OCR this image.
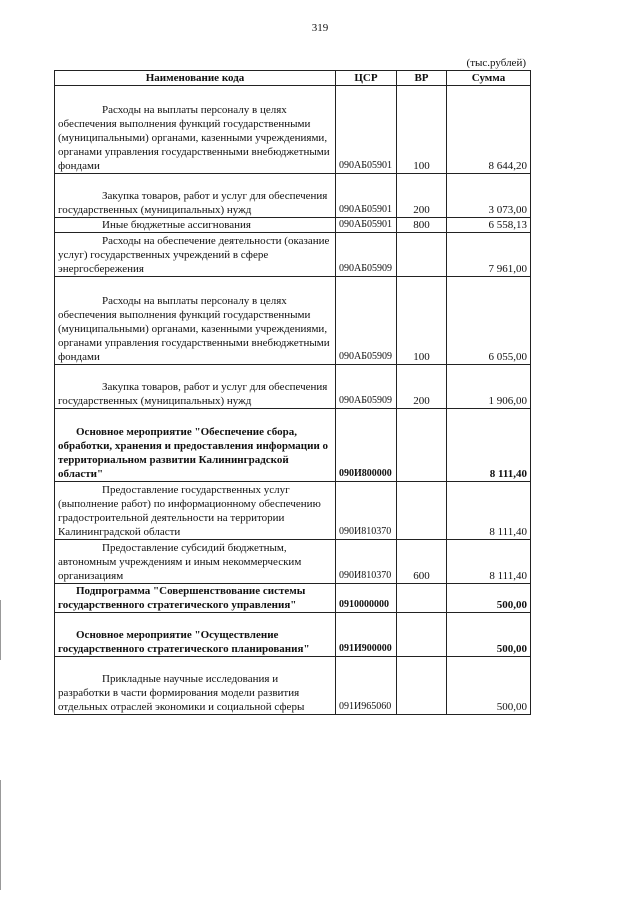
319
(тыс.рублей)
Наименование кода	ЦСР	ВР	Сумма

Расходы на выплаты персоналу в целях обеспечения выполнения функций государственными (муниципальными) органами, казенными учреждениями, органами управления государственными внебюджетными фондами	090АБ05901	100	8 644,20

Закупка товаров, работ и услуг для обеспечения государственных (муниципальных) нужд	090АБ05901	200	3 073,00

Иные бюджетные ассигнования	090АБ05901	800	6 558,13

Расходы на обеспечение деятельности (оказание услуг) государственных учреждений в сфере энергосбережения	090АБ05909		7 961,00

Расходы на выплаты персоналу в целях обеспечения выполнения функций государственными (муниципальными) органами, казенными учреждениями, органами управления государственными внебюджетными фондами	090АБ05909	100	6 055,00

Закупка товаров, работ и услуг для обеспечения государственных (муниципальных) нужд	090АБ05909	200	1 906,00

Основное мероприятие "Обеспечение сбора, обработки, хранения и предоставления информации о территориальном развитии Калининградской области"	090И800000		8 111,40

Предоставление государственных услуг (выполнение работ) по информационному обеспечению градостроительной деятельности на территории Калининградской области	090И810370		8 111,40

Предоставление субсидий бюджетным, автономным учреждениям и иным некоммерческим организациям	090И810370	600	8 111,40

Подпрограмма "Совершенствование системы государственного стратегического управления"	0910000000		500,00

Основное мероприятие "Осуществление государственного стратегического планирования"	091И900000		500,00

Прикладные научные исследования и разработки в части формирования модели развития отдельных отраслей экономики и социальной сферы	091И965060		500,00
